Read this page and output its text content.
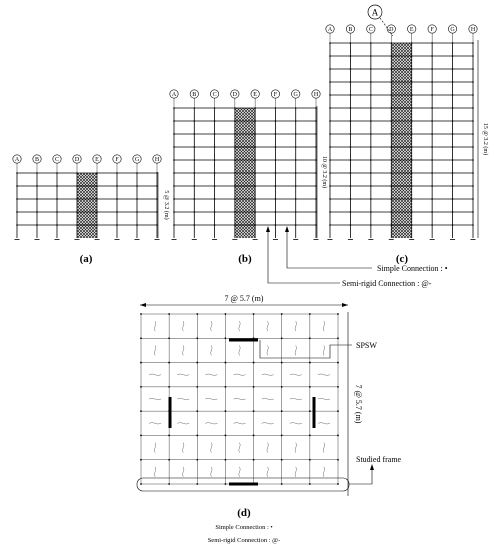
A	B	C	D	E	F	G	H
5 @ 3.2 (m)
(a)
A	B	C	D	E	F	G	H
10 @ 3.2 (m)
(b)
A	B	C	D	E	F	G	H
15 @ 3.2 (m)
A
(c)
Simple Connection : •
Semi-rigid Connection : @-
7 @ 5.7 (m)
7 @ 5.7 (m)
SPSW
Studied frame
(d)
Simple Connection : •
Semi-rigid Connection : @-
